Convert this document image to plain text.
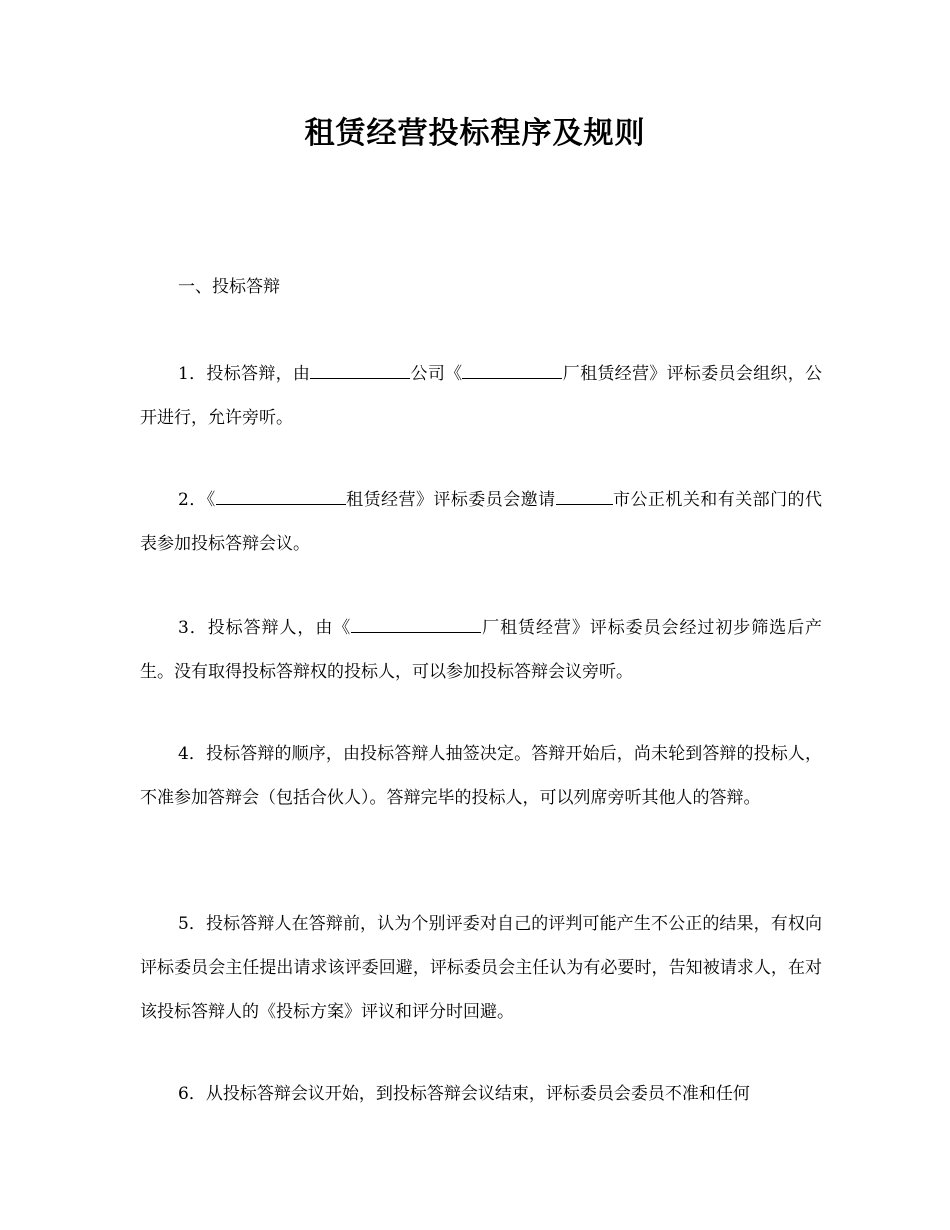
租赁经营投标程序及规则
一、投标答辩

1．投标答辩，由	公司《	厂租赁经营》评标委员会组织，公开进行，允许旁听。

2．《	租赁经营》评标委员会邀请	市公正机关和有关部门的代表参加投标答辩会议。

3．投标答辩人，由《	厂租赁经营》评标委员会经过初步筛选后产生。没有取得投标答辩权的投标人，可以参加投标答辩会议旁听。

4．投标答辩的顺序，由投标答辩人抽签决定。答辩开始后，尚未轮到答辩的投标人，不准参加答辩会（包括合伙人）。答辩完毕的投标人，可以列席旁听其他人的答辩。

5．投标答辩人在答辩前，认为个别评委对自己的评判可能产生不公正的结果，有权向评标委员会主任提出请求该评委回避，评标委员会主任认为有必要时，告知被请求人，在对该投标答辩人的《投标方案》评议和评分时回避。

6．从投标答辩会议开始，到投标答辩会议结束，评标委员会委员不准和任何
